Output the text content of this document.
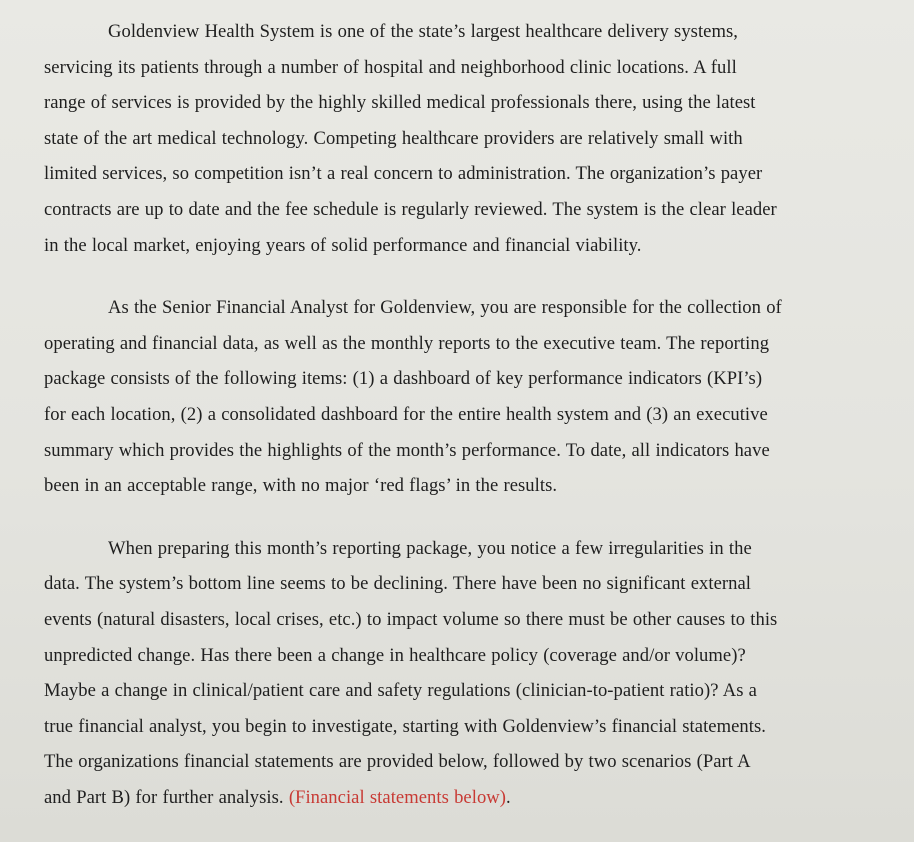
Goldenview Health System is one of the state’s largest healthcare delivery systems,
servicing its patients through a number of hospital and neighborhood clinic locations. A full
range of services is provided by the highly skilled medical professionals there, using the latest
state of the art medical technology. Competing healthcare providers are relatively small with
limited services, so competition isn’t a real concern to administration. The organization’s payer
contracts are up to date and the fee schedule is regularly reviewed. The system is the clear leader
in the local market, enjoying years of solid performance and financial viability.

As the Senior Financial Analyst for Goldenview, you are responsible for the collection of
operating and financial data, as well as the monthly reports to the executive team. The reporting
package consists of the following items: (1) a dashboard of key performance indicators (KPI’s)
for each location, (2) a consolidated dashboard for the entire health system and (3) an executive
summary which provides the highlights of the month’s performance. To date, all indicators have
been in an acceptable range, with no major ‘red flags’ in the results.

When preparing this month’s reporting package, you notice a few irregularities in the
data. The system’s bottom line seems to be declining. There have been no significant external
events (natural disasters, local crises, etc.) to impact volume so there must be other causes to this
unpredicted change. Has there been a change in healthcare policy (coverage and/or volume)?
Maybe a change in clinical/patient care and safety regulations (clinician-to-patient ratio)? As a
true financial analyst, you begin to investigate, starting with Goldenview’s financial statements.
The organizations financial statements are provided below, followed by two scenarios (Part A
and Part B) for further analysis. (Financial statements below).
